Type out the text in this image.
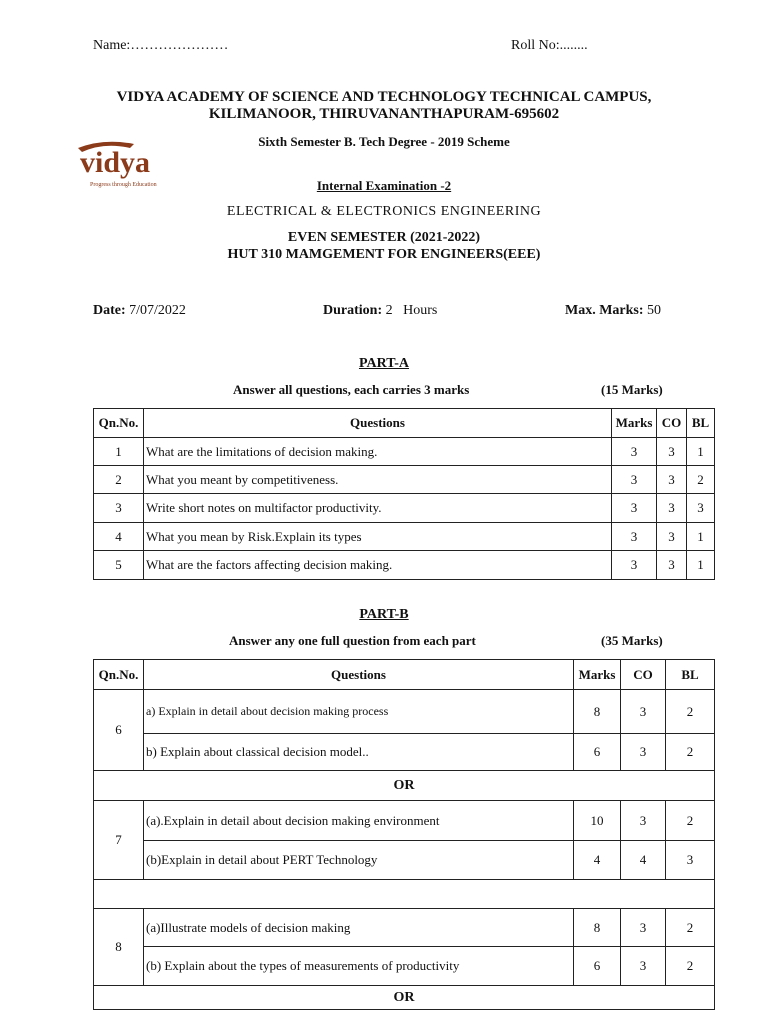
Name:…………………	Roll No:........
VIDYA ACADEMY OF SCIENCE AND TECHNOLOGY TECHNICAL CAMPUS,
KILIMANOOR, THIRUVANANTHAPURAM-695602
Sixth Semester B. Tech Degree - 2019 Scheme
vidya
Progress through Education	Internal Examination -2
ELECTRICAL & ELECTRONICS ENGINEERING
EVEN SEMESTER (2021-2022)
HUT 310 MAMGEMENT FOR ENGINEERS(EEE)
Date: 7/07/2022	Duration: 2   Hours	Max. Marks: 50
PART-A
Answer all questions, each carries 3 marks	(15 Marks)
Qn.No.	Questions	Marks	CO	BL
1	What are the limitations of decision making.	3	3	1
2	What you meant by competitiveness.	3	3	2
3	Write short notes on multifactor productivity.	3	3	3
4	What you mean by Risk.Explain its types	3	3	1
5	What are the factors affecting decision making.	3	3	1
PART-B
Answer any one full question from each part	(35 Marks)
Qn.No.	Questions	Marks	CO	BL
6	a) Explain in detail about decision making process	8	3	2
	b) Explain about classical decision model..	6	3	2
OR				
7	(a).Explain in detail about decision making environment	10	3	2
	(b)Explain in detail about PERT Technology	4	4	3

8	(a)Illustrate models of decision making	8	3	2
	(b) Explain about the types of measurements of productivity	6	3	2
OR				
